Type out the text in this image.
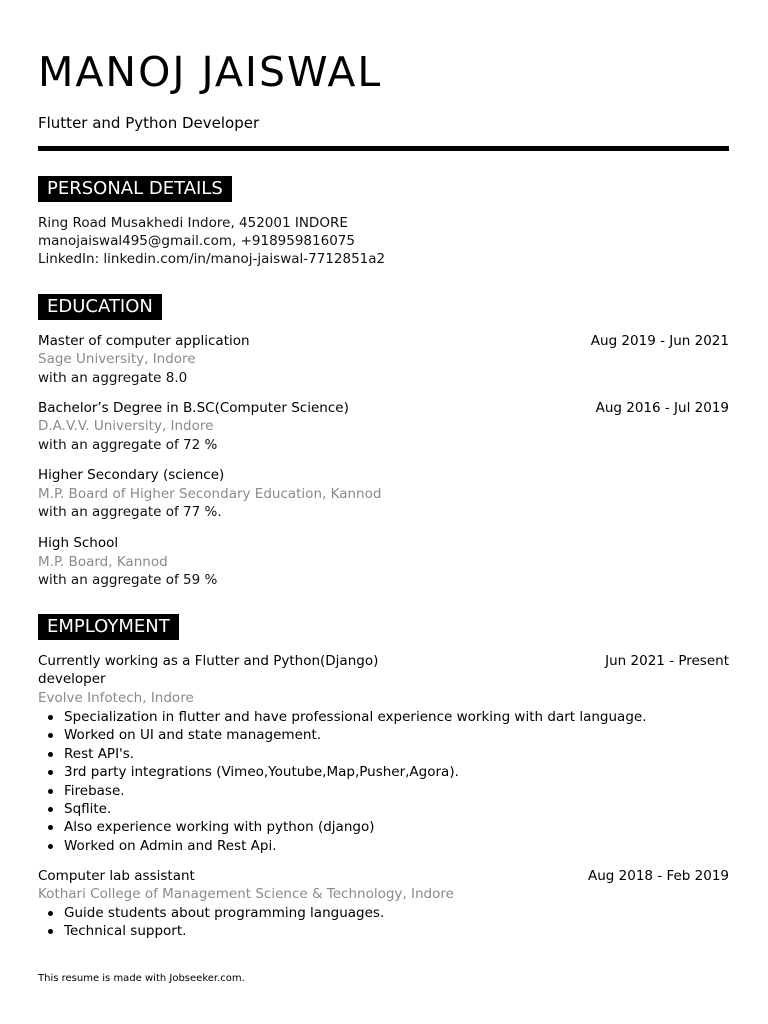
MANOJ JAISWAL
Flutter and Python Developer
PERSONAL DETAILS
Ring Road Musakhedi Indore, 452001 INDORE
manojaiswal495@gmail.com, +918959816075
LinkedIn: linkedin.com/in/manoj-jaiswal-7712851a2
EDUCATION
Master of computer application	Aug 2019 - Jun 2021
Sage University, Indore
with an aggregate 8.0
Bachelor’s Degree in B.SC(Computer Science)	Aug 2016 - Jul 2019
D.A.V.V. University, Indore
with an aggregate of 72 %
Higher Secondary (science)
M.P. Board of Higher Secondary Education, Kannod
with an aggregate of 77 %.
High School
M.P. Board, Kannod
with an aggregate of 59 %
EMPLOYMENT
Currently working as a Flutter and Python(Django)	Jun 2021 - Present
developer
Evolve Infotech, Indore
Specialization in flutter and have professional experience working with dart language.
Worked on UI and state management.
Rest API's.
3rd party integrations (Vimeo,Youtube,Map,Pusher,Agora).
Firebase.
Sqflite.
Also experience working with python (django)
Worked on Admin and Rest Api.
Computer lab assistant	Aug 2018 - Feb 2019
Kothari College of Management Science & Technology, Indore
Guide students about programming languages.
Technical support.
This resume is made with Jobseeker.com.
